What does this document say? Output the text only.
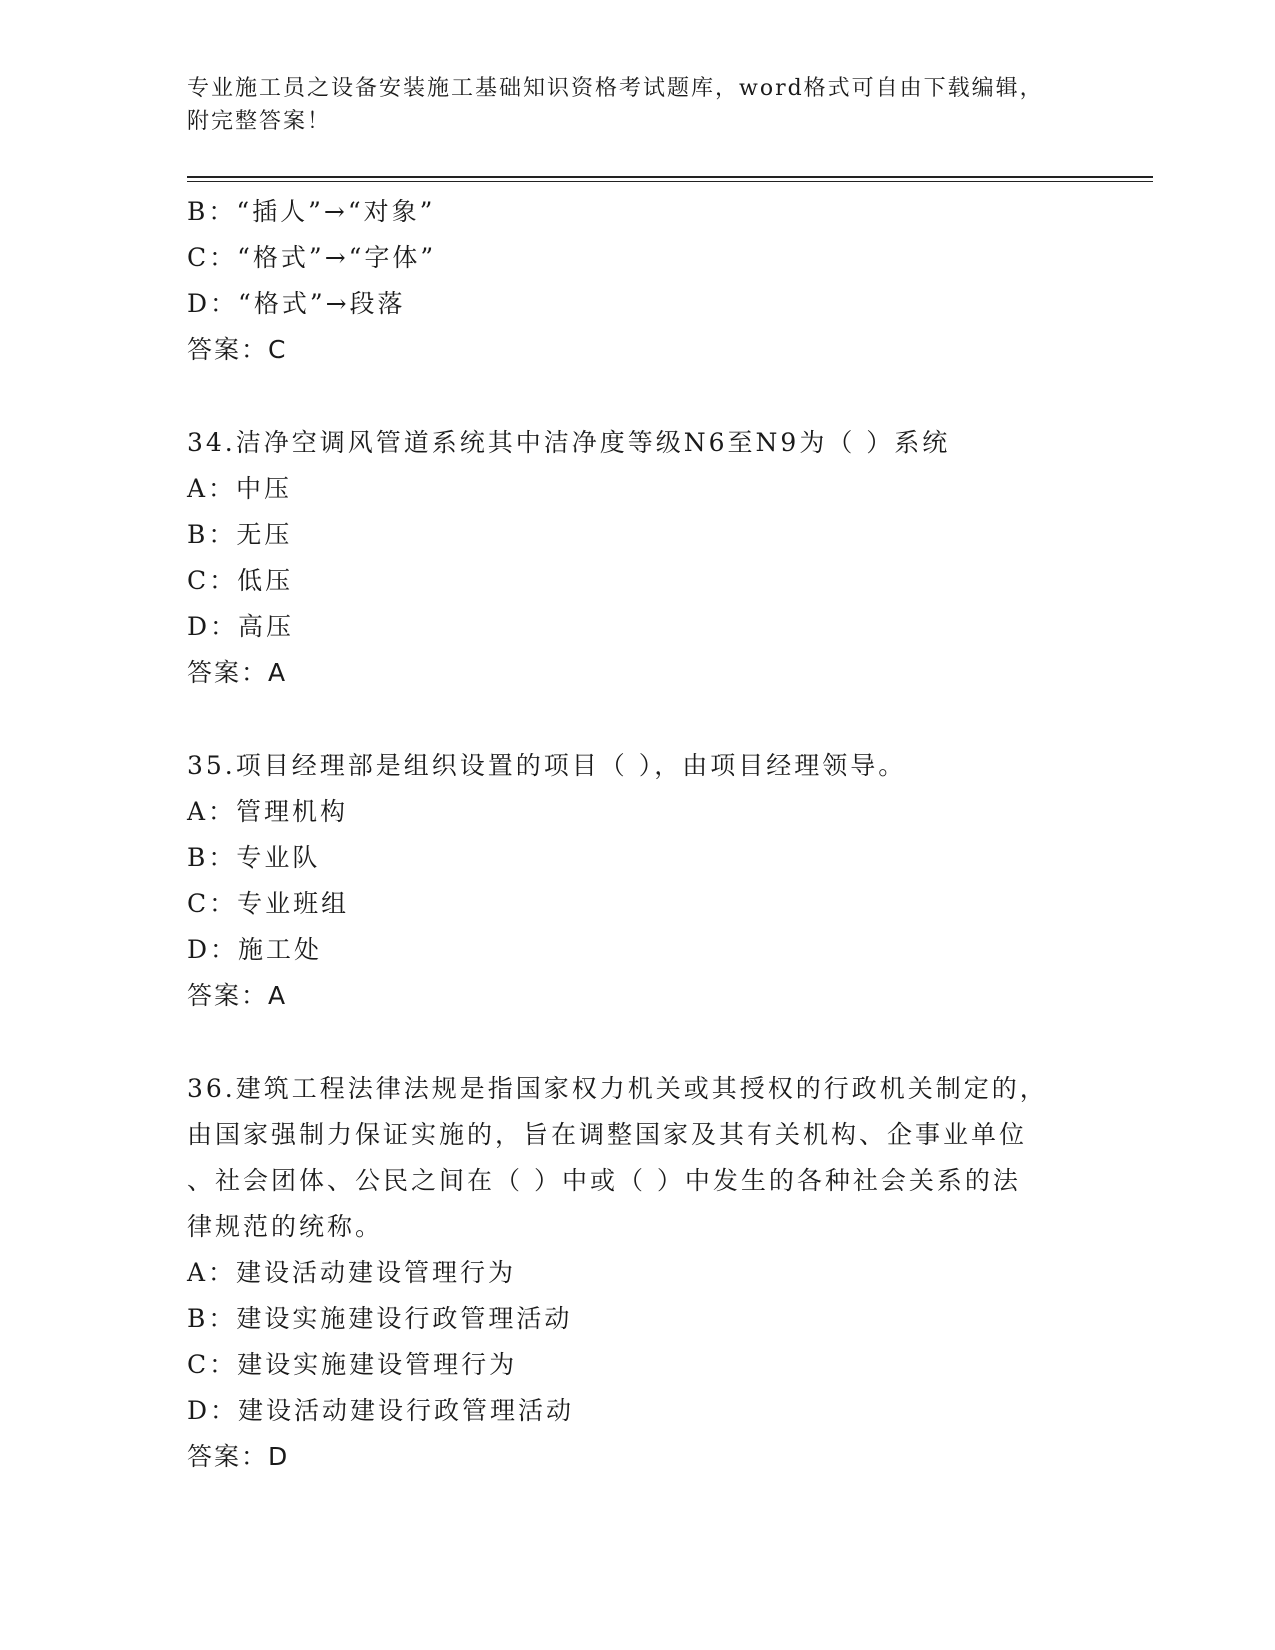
专业施工员之设备安装施工基础知识资格考试题库，word格式可自由下载编辑，
附完整答案！
B：“插人”→“对象”
C：“格式”→“字体”
D：“格式”→段落
答案：C
34.洁净空调风管道系统其中洁净度等级N6至N9为（ ）系统
A：中压
B：无压
C：低压
D：高压
答案：A
35.项目经理部是组织设置的项目（ ），由项目经理领导。
A：管理机构
B：专业队
C：专业班组
D：施工处
答案：A
36.建筑工程法律法规是指国家权力机关或其授权的行政机关制定的，
由国家强制力保证实施的，旨在调整国家及其有关机构、企事业单位
、社会团体、公民之间在（ ）中或（ ）中发生的各种社会关系的法
律规范的统称。
A：建设活动建设管理行为
B：建设实施建设行政管理活动
C：建设实施建设管理行为
D：建设活动建设行政管理活动
答案：D
